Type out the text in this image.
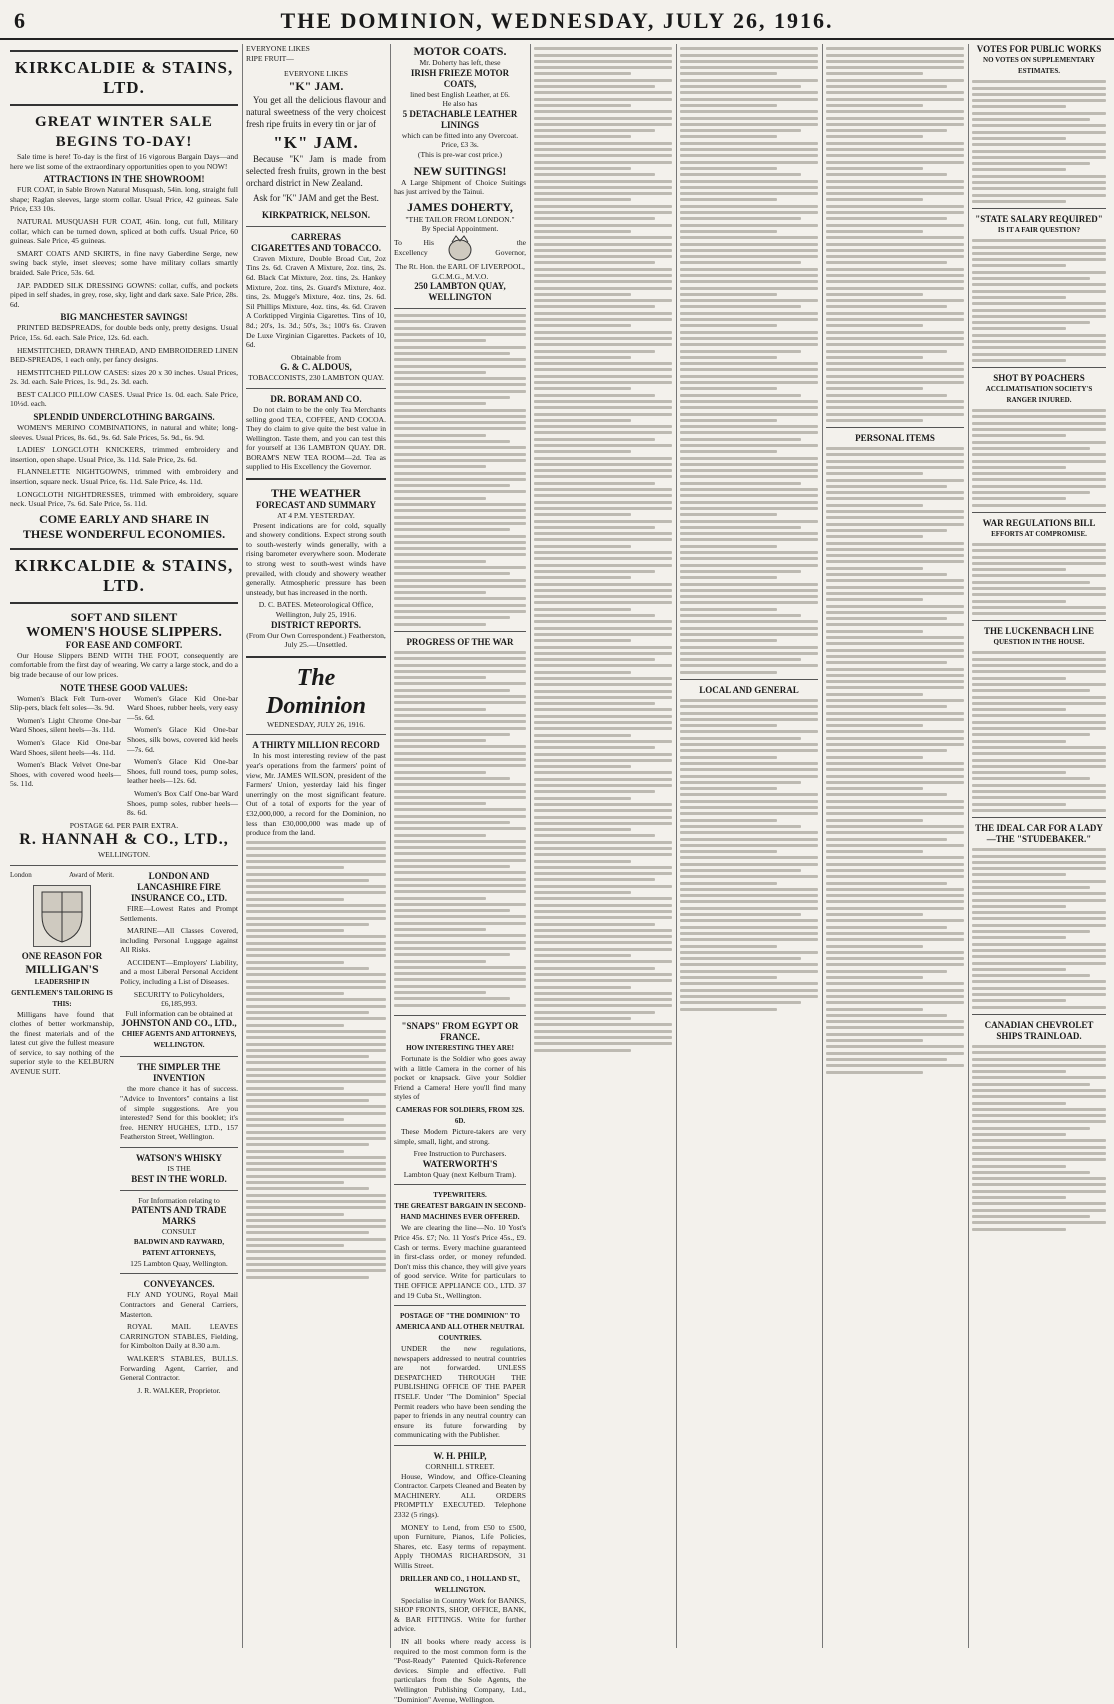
6	THE DOMINION, WEDNESDAY, JULY 26, 1916.
KIRKCALDIE & STAINS, LTD.
GREAT WINTER SALE
BEGINS TO-DAY!

Sale time is here! To-day is the first of 16 vigorous Bargain Days—and here we list some of the extraordinary opportunities open to you NOW!

ATTRACTIONS IN THE SHOWROOM!

FUR COAT, in Sable Brown Natural Musquash, 54in. long, straight full shape; Raglan sleeves, large storm collar. Usual Price, 42 guineas. Sale Price, £33 10s.

NATURAL MUSQUASH FUR COAT, 46in. long, cut full, Military collar, which can be turned down, spliced at both cuffs. Usual Price, 60 guineas. Sale Price, 45 guineas.

SMART COATS AND SKIRTS, in fine navy Gaberdine Serge, new swing back style, inset sleeves; some have military collars smartly braided. Sale Price, 53s. 6d.

JAP. PADDED SILK DRESSING GOWNS: collar, cuffs, and pockets piped in self shades, in grey, rose, sky, light and dark saxe. Sale Price, 28s. 6d.

BIG MANCHESTER SAVINGS!

PRINTED BEDSPREADS, for double beds only, pretty designs. Usual Price, 15s. 6d. each. Sale Price, 12s. 6d. each.

HEMSTITCHED, DRAWN THREAD, AND EMBROIDERED LINEN BED-SPREADS, 1 each only, per fancy designs.

HEMSTITCHED PILLOW CASES: sizes 20 x 30 inches. Usual Prices, 2s. 3d. each. Sale Prices, 1s. 9d., 2s. 3d. each.

BEST CALICO PILLOW CASES. Usual Price 1s. 0d. each. Sale Price, 10½d. each.

SPLENDID UNDERCLOTHING BARGAINS.

WOMEN'S MERINO COMBINATIONS, in natural and white; long-sleeves. Usual Prices, 8s. 6d., 9s. 6d. Sale Prices, 5s. 9d., 6s. 9d.

LADIES' LONGCLOTH KNICKERS, trimmed embroidery and insertion, open shape. Usual Price, 3s. 11d. Sale Price, 2s. 6d.

FLANNELETTE NIGHTGOWNS, trimmed with embroidery and insertion, square neck. Usual Price, 6s. 11d. Sale Price, 4s. 11d.

LONGCLOTH NIGHTDRESSES, trimmed with embroidery, square neck. Usual Price, 7s. 6d. Sale Price, 5s. 11d.

COME EARLY AND SHARE IN
THESE WONDERFUL ECONOMIES.
KIRKCALDIE & STAINS, LTD.
SOFT AND SILENT
WOMEN'S HOUSE SLIPPERS.
FOR EASE AND COMFORT.

Our House Slippers BEND WITH THE FOOT, consequently are comfortable from the first day of wearing. We carry a large stock, and do a big trade because of our low prices.

NOTE THESE GOOD VALUES:

Women's Black Felt Turn-over Slip-pers, black felt soles—3s. 9d.

Women's Light Chrome One-bar Ward Shoes, silent heels—3s. 11d.

Women's Glace Kid One-bar Ward Shoes, silent heels—4s. 11d.

Women's Black Velvet One-bar Shoes, with covered wood heels—5s. 11d.

Women's Glace Kid One-bar Ward Shoes, rubber heels, very easy—5s. 6d.

Women's Glace Kid One-bar Shoes, silk bows, covered kid heels—7s. 6d.

Women's Glace Kid One-bar Shoes, full round toes, pump soles, leather heels—12s. 6d.

Women's Box Calf One-bar Ward Shoes, pump soles, rubber heels—8s. 6d.

POSTAGE 6d. PER PAIR EXTRA.
R. HANNAH & CO., LTD.,
WELLINGTON.
London	Award of Merit.
ONE REASON FOR
MILLIGAN'S
LEADERSHIP IN GENTLEMEN'S TAILORING IS THIS:

Milligans have found that clothes of better workmanship, the finest materials and of the latest cut give the fullest measure of service, to say nothing of the superior style to the KELBURN AVENUE SUIT.

LONDON AND LANCASHIRE FIRE INSURANCE CO., LTD.

FIRE—Lowest Rates and Prompt Settlements.

MARINE—All Classes Covered, including Personal Luggage against All Risks.

ACCIDENT—Employers' Liability, and a most Liberal Personal Accident Policy, including a List of Diseases.

SECURITY to Policyholders, £6,185,993.
Full information can be obtained at
JOHNSTON AND CO., LTD.,
CHIEF AGENTS AND ATTORNEYS, WELLINGTON.
THE SIMPLER THE INVENTION

the more chance it has of success. "Advice to Inventors" contains a list of simple suggestions. Are you interested? Send for this booklet; it's free. HENRY HUGHES, LTD., 157 Featherston Street, Wellington.

WATSON'S WHISKY
IS THE
BEST IN THE WORLD.
For Information relating to
PATENTS AND TRADE MARKS
CONSULT
BALDWIN AND RAYWARD, PATENT ATTORNEYS,
125 Lambton Quay, Wellington.
CONVEYANCES.

FLY AND YOUNG, Royal Mail Contractors and General Carriers, Masterton.

ROYAL MAIL LEAVES CARRINGTON STABLES, Fielding, for Kimbolton Daily at 8.30 a.m.

WALKER'S STABLES, BULLS. Forwarding Agent, Carrier, and General Contractor.

J. R. WALKER, Proprietor.
EVERYONE LIKES
RIPE FRUIT—
EVERYONE LIKES
"K" JAM.

You get all the delicious flavour and natural sweetness of the very choicest fresh ripe fruits in every tin or jar of

"K" JAM.

Because "K" Jam is made from selected fresh fruits, grown in the best orchard district in New Zealand.

Ask for "K" JAM and get the Best.

KIRKPATRICK, NELSON.
CARRERAS
CIGARETTES AND TOBACCO.

Craven Mixture, Double Broad Cut, 2oz Tins 2s. 6d. Craven A Mixture, 2oz. tins, 2s. 6d. Black Cat Mixture, 2oz. tins, 2s. Hankey Mixture, 2oz. tins, 2s. Guard's Mixture, 4oz. tins, 2s. Mugge's Mixture, 4oz. tins, 2s. 6d. Sil Phillips Mixture, 4oz. tins, 4s. 6d. Craven A Corktipped Virginia Cigarettes. Tins of 10, 8d.; 20's, 1s. 3d.; 50's, 3s.; 100's 6s. Craven De Luxe Virginian Cigarettes. Packets of 10, 6d.

Obtainable from
G. & C. ALDOUS,
TOBACCONISTS, 230 LAMBTON QUAY.
DR. BORAM AND CO.

Do not claim to be the only Tea Merchants selling good TEA, COFFEE, AND COCOA. They do claim to give quite the best value in Wellington. Taste them, and you can test this for yourself at 136 LAMBTON QUAY. DR. BORAM'S NEW TEA ROOM—2d. Tea as supplied to His Excellency the Governor.

THE WEATHER
FORECAST AND SUMMARY
AT 4 P.M. YESTERDAY.

Present indications are for cold, squally and showery conditions. Expect strong south to south-westerly winds generally, with a rising barometer everywhere soon. Moderate to strong west to south-west winds have prevailed, with cloudy and showery weather generally. Atmospheric pressure has been unsteady, but has increased in the north.

D. C. BATES. Meteorological Office, Wellington, July 25, 1916.
DISTRICT REPORTS.
(From Our Own Correspondent.) Featherston, July 25.—Unsettled.
The Dominion
WEDNESDAY, JULY 26, 1916.
A THIRTY MILLION RECORD

In his most interesting review of the past year's operations from the farmers' point of view, Mr. JAMES WILSON, president of the Farmers' Union, yesterday laid his finger unerringly on the most significant feature. Out of a total of exports for the year of £32,000,000, a record for the Dominion, no less than £30,000,000 was made up of produce from the land.

MOTOR COATS.
Mr. Doherty has left, these
IRISH FRIEZE MOTOR COATS,
lined best English Leather, at £6.
He also has
5 DETACHABLE LEATHER LININGS
which can be fitted into any Overcoat. Price, £3 3s.
(This is pre-war cost price.)
NEW SUITINGS!

A Large Shipment of Choice Suitings has just arrived by the Tainui.

JAMES DOHERTY,
"THE TAILOR FROM LONDON."
By Special Appointment.
To His Excellency
the Governor,
The Rt. Hon. the EARL OF LIVERPOOL, G.C.M.G., M.V.O.
250 LAMBTON QUAY, WELLINGTON
PROGRESS OF THE WAR
LOCAL AND GENERAL
PERSONAL ITEMS
VOTES FOR PUBLIC WORKS
NO VOTES ON SUPPLEMENTARY ESTIMATES.
"STATE SALARY REQUIRED"
IS IT A FAIR QUESTION?
SHOT BY POACHERS
ACCLIMATISATION SOCIETY'S RANGER INJURED.
WAR REGULATIONS BILL
EFFORTS AT COMPROMISE.
THE LUCKENBACH LINE
QUESTION IN THE HOUSE.
THE IDEAL CAR FOR A LADY—THE "STUDEBAKER."
CANADIAN CHEVROLET SHIPS TRAINLOAD.
"SNAPS" FROM EGYPT OR FRANCE.
HOW INTERESTING THEY ARE!

Fortunate is the Soldier who goes away with a little Camera in the corner of his pocket or knapsack. Give your Soldier Friend a Camera! Here you'll find many styles of

CAMERAS FOR SOLDIERS, FROM 32S. 6D.

These Modern Picture-takers are very simple, small, light, and strong.

Free Instruction to Purchasers.
WATERWORTH'S
Lambton Quay (next Kelburn Tram).
TYPEWRITERS.
THE GREATEST BARGAIN IN SECOND-HAND MACHINES EVER OFFERED.

We are clearing the line—No. 10 Yost's Price 45s. £7; No. 11 Yost's Price 45s., £9. Cash or terms. Every machine guaranteed in first-class order, or money refunded. Don't miss this chance, they will give years of good service. Write for particulars to THE OFFICE APPLIANCE CO., LTD. 37 and 19 Cuba St., Wellington.

POSTAGE OF "THE DOMINION" TO AMERICA AND ALL OTHER NEUTRAL COUNTRIES.

UNDER the new regulations, newspapers addressed to neutral countries are not forwarded. UNLESS DESPATCHED THROUGH THE PUBLISHING OFFICE OF THE PAPER ITSELF. Under "The Dominion" Special Permit readers who have been sending the paper to friends in any neutral country can ensure its future forwarding by communicating with the Publisher.

W. H. PHILP,
CORNHILL STREET.

House, Window, and Office-Cleaning Contractor. Carpets Cleaned and Beaten by MACHINERY. ALL ORDERS PROMPTLY EXECUTED. Telephone 2332 (5 rings).

MONEY to Lend, from £50 to £500, upon Furniture, Pianos, Life Policies, Shares, etc. Easy terms of repayment. Apply THOMAS RICHARDSON, 31 Willis Street.

DRILLER AND CO., 1 HOLLAND ST., WELLINGTON.

Specialise in Country Work for BANKS, SHOP FRONTS, SHOP, OFFICE, BANK, & BAR FITTINGS. Write for further advice.

IN all books where ready access is required to the most common form is the "Post-Ready" Patented Quick-Reference devices. Simple and effective. Full particulars from the Sole Agents, the Wellington Publishing Company, Ltd., "Dominion" Avenue, Wellington.
